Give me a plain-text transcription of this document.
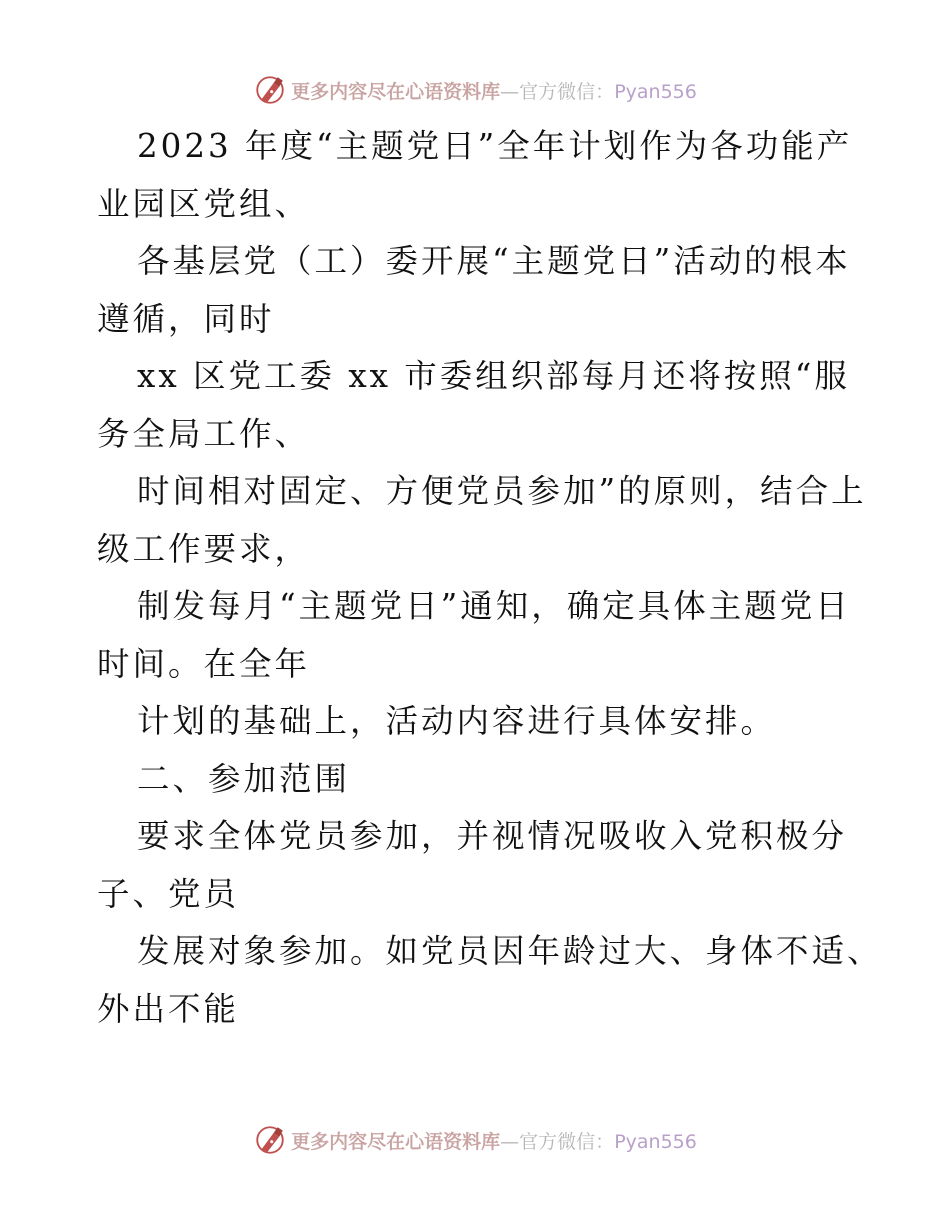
更多内容尽在心语资料库—官方微信：Pyan556
2023 年度“主题党日”全年计划作为各功能产
业园区党组、
各基层党（工）委开展“主题党日”活动的根本
遵循，同时
xx 区党工委 xx 市委组织部每月还将按照“服
务全局工作、
时间相对固定、方便党员参加”的原则，结合上
级工作要求，
制发每月“主题党日”通知，确定具体主题党日
时间。在全年
计划的基础上，活动内容进行具体安排。
二、参加范围
要求全体党员参加，并视情况吸收入党积极分
子、党员
发展对象参加。如党员因年龄过大、身体不适、
外出不能
更多内容尽在心语资料库—官方微信：Pyan556
